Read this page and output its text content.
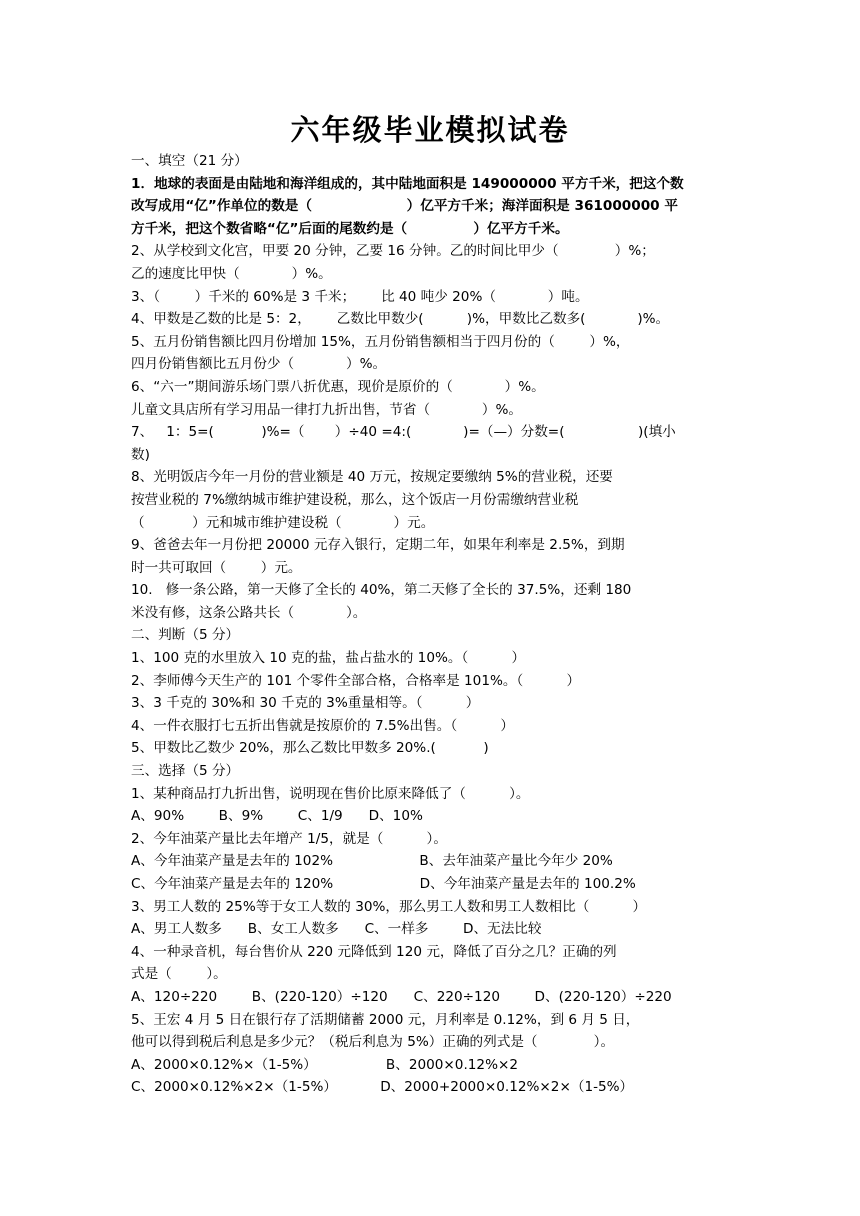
六年级毕业模拟试卷
一、填空（21 分）
1．地球的表面是由陆地和海洋组成的，其中陆地面积是 149000000 平方千米，把这个数
改写成用“亿”作单位的数是（                    ）亿平方千米；海洋面积是 361000000 平
方千米，把这个数省略“亿”后面的尾数约是（              ）亿平方千米。
2、从学校到文化宫，甲要 20 分钟，乙要 16 分钟。乙的时间比甲少（             ）%；
乙的速度比甲快（            ）%。
3、（        ）千米的 60%是 3 千米；      比 40 吨少 20%（            ）吨。
4、甲数是乙数的比是 5：2，      乙数比甲数少(          )%，甲数比乙数多(            )%。
5、五月份销售额比四月份增加 15%，五月份销售额相当于四月份的（        ）%，
四月份销售额比五月份少（            ）%。
6、“六一”期间游乐场门票八折优惠，现价是原价的（            ）%。
儿童文具店所有学习用品一律打九折出售，节省（            ）%。
7、   1：5=(           )%=（       ）÷40 =4:(            )=（—）分数=(                 )(填小
数)
8、光明饭店今年一月份的营业额是 40 万元，按规定要缴纳 5%的营业税，还要
按营业税的 7%缴纳城市维护建设税，那么，这个饭店一月份需缴纳营业税
（           ）元和城市维护建设税（            ）元。
9、爸爸去年一月份把 20000 元存入银行，定期二年，如果年利率是 2.5%，到期
时一共可取回（        ）元。
10.   修一条公路，第一天修了全长的 40%，第二天修了全长的 37.5%，还剩 180
米没有修，这条公路共长（            ）。
二、判断（5 分）
1、100 克的水里放入 10 克的盐，盐占盐水的 10%。（          ）
2、李师傅今天生产的 101 个零件全部合格，合格率是 101%。（          ）
3、3 千克的 30%和 30 千克的 3%重量相等。（          ）
4、一件衣服打七五折出售就是按原价的 7.5%出售。（          ）
5、甲数比乙数少 20%，那么乙数比甲数多 20%.(           )
三、选择（5 分）
1、某种商品打九折出售，说明现在售价比原来降低了（          ）。
A、90%        B、9%        C、1/9      D、10%
2、今年油菜产量比去年增产 1/5，就是（          ）。
A、今年油菜产量是去年的 102%                    B、去年油菜产量比今年少 20%
C、今年油菜产量是去年的 120%                    D、今年油菜产量是去年的 100.2%
3、男工人数的 25%等于女工人数的 30%，那么男工人数和男工人数相比（          ）
A、男工人数多      B、女工人数多      C、一样多        D、无法比较
4、一种录音机，每台售价从 220 元降低到 120 元，降低了百分之几？正确的列
式是（        ）。
A、120÷220        B、(220-120）÷120      C、220÷120        D、(220-120）÷220
5、王宏 4 月 5 日在银行存了活期储蓄 2000 元，月利率是 0.12%，到 6 月 5 日，
他可以得到税后利息是多少元？（税后利息为 5%）正确的列式是（             ）。
A、2000×0.12%×（1-5%）                B、2000×0.12%×2
C、2000×0.12%×2×（1-5%）          D、2000+2000×0.12%×2×（1-5%）
